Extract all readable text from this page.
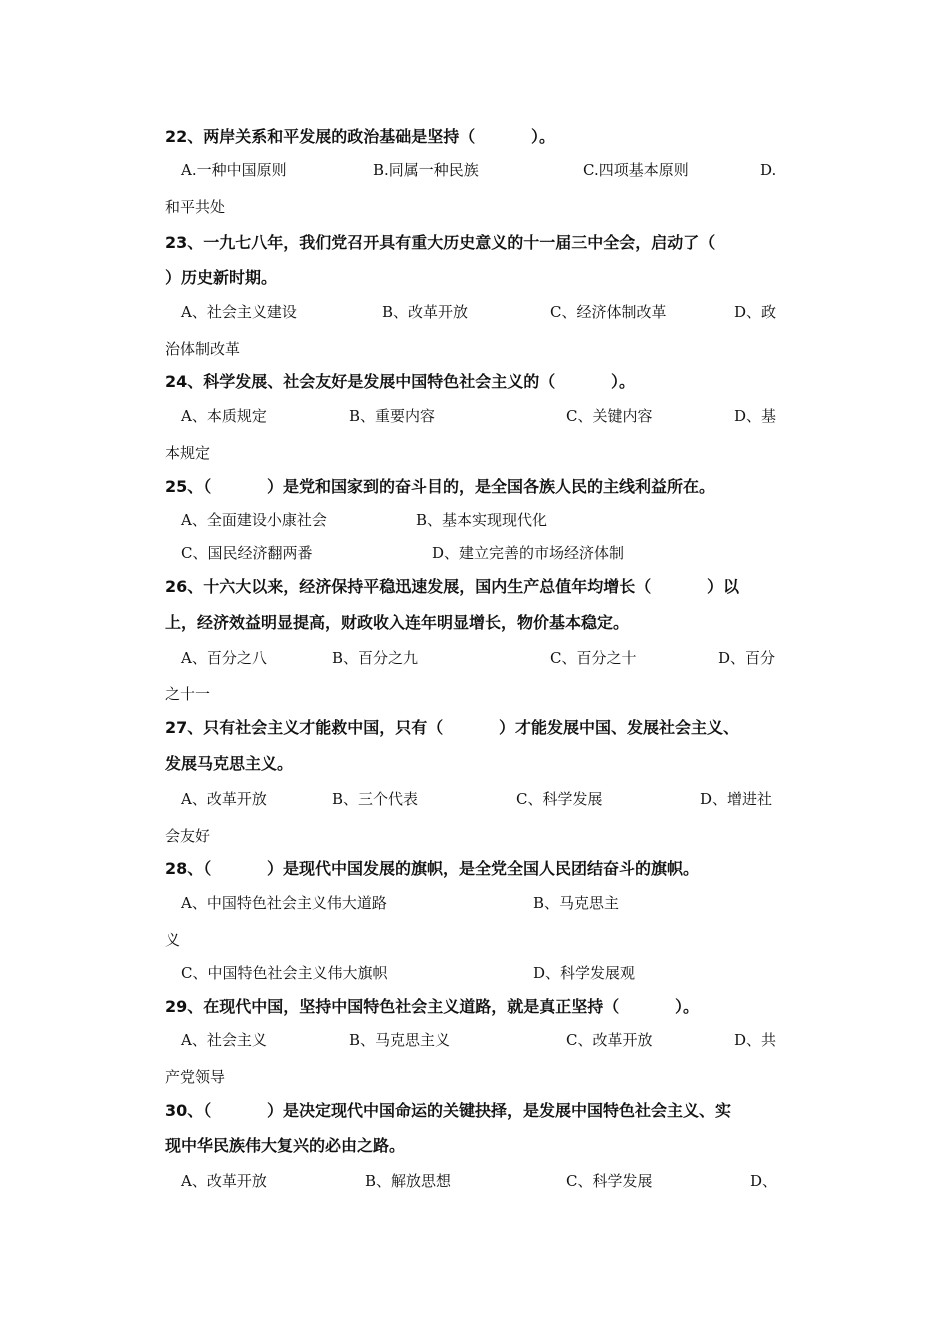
22、两岸关系和平发展的政治基础是坚持（          ）。
A.一种中国原则	B.同属一种民族	C.四项基本原则	D.
和平共处
23、一九七八年，我们党召开具有重大历史意义的十一届三中全会，启动了（
）历史新时期。
A、社会主义建设	B、改革开放	C、经济体制改革	D、政
治体制改革
24、科学发展、社会友好是发展中国特色社会主义的（          ）。
A、本质规定	B、重要内容	C、关键内容	D、基
本规定
25、（          ）是党和国家到的奋斗目的，是全国各族人民的主线利益所在。
A、全面建设小康社会	B、基本实现现代化
C、国民经济翻两番	D、建立完善的市场经济体制
26、十六大以来，经济保持平稳迅速发展，国内生产总值年均增长（          ）以
上，经济效益明显提高，财政收入连年明显增长，物价基本稳定。
A、百分之八	B、百分之九	C、百分之十	D、百分
之十一
27、只有社会主义才能救中国，只有（          ）才能发展中国、发展社会主义、
发展马克思主义。
A、改革开放	B、三个代表	C、科学发展	D、增进社
会友好
28、（          ）是现代中国发展的旗帜，是全党全国人民团结奋斗的旗帜。
A、中国特色社会主义伟大道路	B、马克思主
义
C、中国特色社会主义伟大旗帜	D、科学发展观
29、在现代中国，坚持中国特色社会主义道路，就是真正坚持（          ）。
A、社会主义	B、马克思主义	C、改革开放	D、共
产党领导
30、（          ）是决定现代中国命运的关键抉择，是发展中国特色社会主义、实
现中华民族伟大复兴的必由之路。
A、改革开放	B、解放思想	C、科学发展	D、
